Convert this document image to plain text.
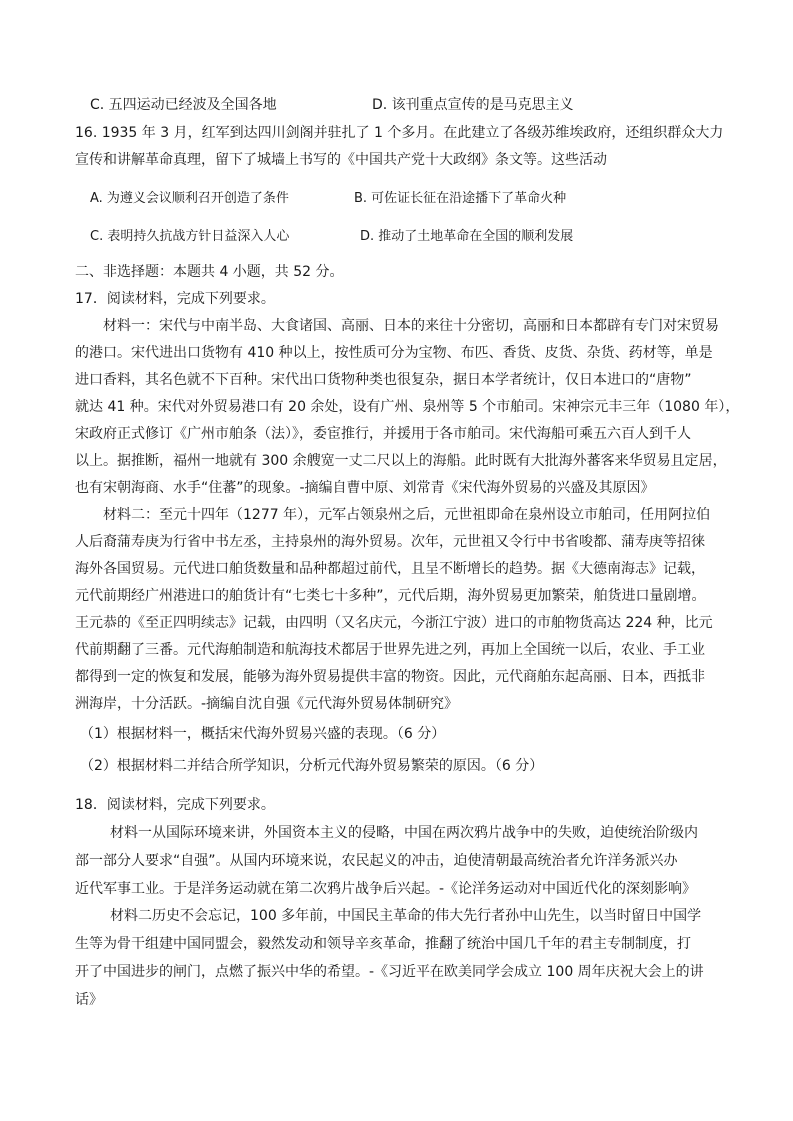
C. 五四运动已经波及全国各地	D. 该刊重点宣传的是马克思主义
16. 1935 年 3 月，红军到达四川剑阁并驻扎了 1 个多月。在此建立了各级苏维埃政府，还组织群众大力
宣传和讲解革命真理，留下了城墙上书写的《中国共产党十大政纲》条文等。这些活动
A. 为遵义会议顺利召开创造了条件	B. 可佐证长征在沿途播下了革命火种
C. 表明持久抗战方针日益深入人心	D. 推动了土地革命在全国的顺利发展
二、非选择题：本题共 4 小题，共 52 分。
17．阅读材料，完成下列要求。
材料一：宋代与中南半岛、大食诸国、高丽、日本的来往十分密切，高丽和日本都辟有专门对宋贸易
的港口。宋代进出口货物有 410 种以上，按性质可分为宝物、布匹、香货、皮货、杂货、药材等，单是
进口香料，其名色就不下百种。宋代出口货物种类也很复杂，据日本学者统计，仅日本进口的“唐物”
就达 41 种。宋代对外贸易港口有 20 余处，设有广州、泉州等 5 个市舶司。宋神宗元丰三年（1080 年），
宋政府正式修订《广州市舶条（法）》，委宦推行，并援用于各市舶司。宋代海船可乘五六百人到千人
以上。据推断，福州一地就有 300 余艘宽一丈二尺以上的海船。此时既有大批海外蕃客来华贸易且定居，
也有宋朝海商、水手“住蕃”的现象。-摘编自曹中原、刘常青《宋代海外贸易的兴盛及其原因》
材料二：至元十四年（1277 年），元军占领泉州之后，元世祖即命在泉州设立市舶司，任用阿拉伯
人后裔蒲寿庚为行省中书左丞，主持泉州的海外贸易。次年，元世祖又令行中书省唆都、蒲寿庚等招徕
海外各国贸易。元代进口舶货数量和品种都超过前代，且呈不断增长的趋势。据《大德南海志》记载，
元代前期经广州港进口的舶货计有“七类七十多种”，元代后期，海外贸易更加繁荣，舶货进口量剧增。
王元恭的《至正四明续志》记载，由四明（又名庆元，今浙江宁波）进口的市舶物货高达 224 种，比元
代前期翻了三番。元代海舶制造和航海技术都居于世界先进之列，再加上全国统一以后，农业、手工业
都得到一定的恢复和发展，能够为海外贸易提供丰富的物资。因此，元代商舶东起高丽、日本，西抵非
洲海岸，十分活跃。-摘编自沈自强《元代海外贸易体制研究》
（1）根据材料一，概括宋代海外贸易兴盛的表现。（6 分）
（2）根据材料二并结合所学知识，分析元代海外贸易繁荣的原因。（6 分）
18．阅读材料，完成下列要求。
材料一从国际环境来讲，外国资本主义的侵略，中国在两次鸦片战争中的失败，迫使统治阶级内
部一部分人要求“自强”。从国内环境来说，农民起义的冲击，迫使清朝最高统治者允许洋务派兴办
近代军事工业。于是洋务运动就在第二次鸦片战争后兴起。-《论洋务运动对中国近代化的深刻影响》
材料二历史不会忘记，100 多年前，中国民主革命的伟大先行者孙中山先生，以当时留日中国学
生等为骨干组建中国同盟会，毅然发动和领导辛亥革命，推翻了统治中国几千年的君主专制制度，打
开了中国进步的闸门，点燃了振兴中华的希望。-《习近平在欧美同学会成立 100 周年庆祝大会上的讲
话》
